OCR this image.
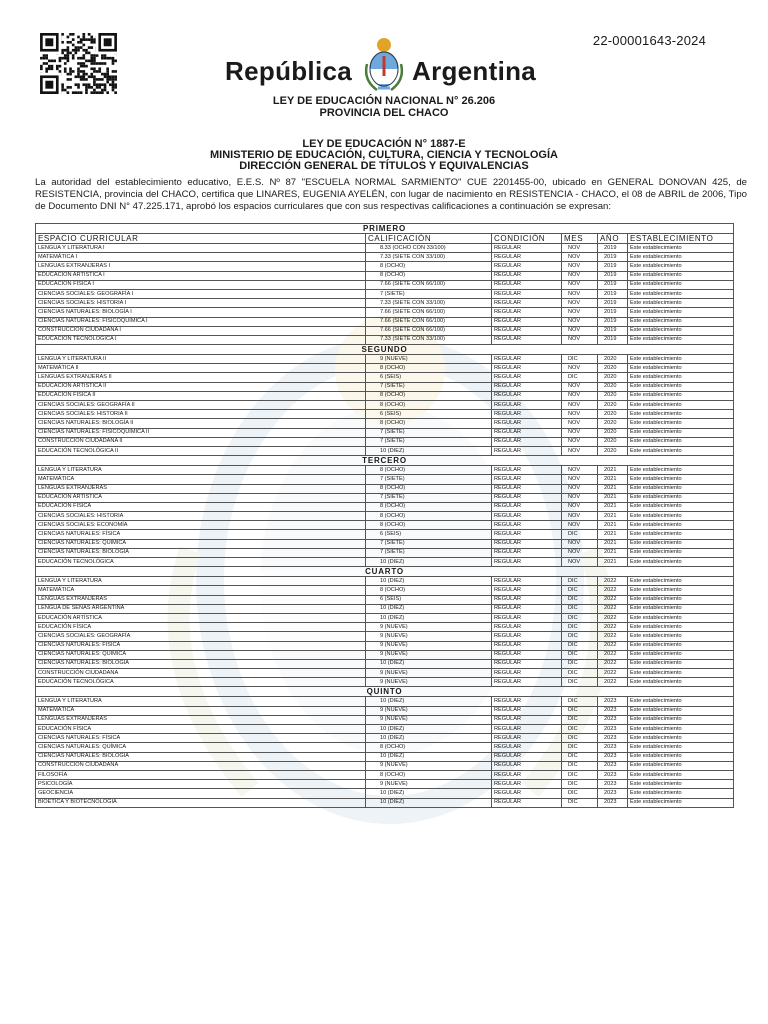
22-00001643-2024
República Argentina
LEY DE EDUCACIÓN NACIONAL N° 26.206
PROVINCIA DEL CHACO
LEY DE EDUCACIÓN N° 1887-E
MINISTERIO DE EDUCACIÓN, CULTURA, CIENCIA Y TECNOLOGÍA
DIRECCIÓN GENERAL DE TÍTULOS Y EQUIVALENCIAS
La autoridad del establecimiento educativo, E.E.S. Nº 87 "ESCUELA NORMAL SARMIENTO" CUE 2201455-00, ubicado en GENERAL DONOVAN 425, de RESISTENCIA, provincia del CHACO, certifica que LINARES, EUGENIA AYELÉN, con lugar de nacimiento en RESISTENCIA - CHACO, el 08 de ABRIL de 2006, Tipo de Documento DNI N° 47.225.171, aprobó los espacios curriculares que con sus respectivas calificaciones a continuación se expresan:
PRIMERO					
ESPACIO CURRICULAR	CALIFICACIÓN	CONDICIÓN	MES	AÑO	ESTABLECIMIENTO
LENGUA Y LITERATURA I	8.33 (OCHO CON 33/100)	REGULAR	NOV	2019	Este establecimiento
MATEMÁTICA I	7.33 (SIETE CON 33/100)	REGULAR	NOV	2019	Este establecimiento
LENGUAS EXTRANJERAS I	8 (OCHO)	REGULAR	NOV	2019	Este establecimiento
EDUCACIÓN ARTÍSTICA I	8 (OCHO)	REGULAR	NOV	2019	Este establecimiento
EDUCACIÓN FÍSICA I	7.66 (SIETE CON 66/100)	REGULAR	NOV	2019	Este establecimiento
CIENCIAS SOCIALES: GEOGRAFÍA I	7 (SIETE)	REGULAR	NOV	2019	Este establecimiento
CIENCIAS SOCIALES: HISTORIA I	7.33 (SIETE CON 33/100)	REGULAR	NOV	2019	Este establecimiento
CIENCIAS NATURALES: BIOLOGÍA I	7.66 (SIETE CON 66/100)	REGULAR	NOV	2019	Este establecimiento
CIENCIAS NATURALES: FISICOQUÍMICA I	7.66 (SIETE CON 66/100)	REGULAR	NOV	2019	Este establecimiento
CONSTRUCCIÓN CIUDADANA I	7.66 (SIETE CON 66/100)	REGULAR	NOV	2019	Este establecimiento
EDUCACIÓN TECNOLÓGICA I	7.33 (SIETE CON 33/100)	REGULAR	NOV	2019	Este establecimiento
SEGUNDO					
LENGUA Y LITERATURA II	9 (NUEVE)	REGULAR	DIC	2020	Este establecimiento
MATEMÁTICA II	8 (OCHO)	REGULAR	NOV	2020	Este establecimiento
LENGUAS EXTRANJERAS II	6 (SEIS)	REGULAR	DIC	2020	Este establecimiento
EDUCACIÓN ARTÍSTICA II	7 (SIETE)	REGULAR	NOV	2020	Este establecimiento
EDUCACIÓN FÍSICA II	8 (OCHO)	REGULAR	NOV	2020	Este establecimiento
CIENCIAS SOCIALES: GEOGRAFÍA II	8 (OCHO)	REGULAR	NOV	2020	Este establecimiento
CIENCIAS SOCIALES: HISTORIA II	6 (SEIS)	REGULAR	NOV	2020	Este establecimiento
CIENCIAS NATURALES: BIOLOGÍA II	8 (OCHO)	REGULAR	NOV	2020	Este establecimiento
CIENCIAS NATURALES: FISICOQUÍMICA II	7 (SIETE)	REGULAR	NOV	2020	Este establecimiento
CONSTRUCCIÓN CIUDADANA II	7 (SIETE)	REGULAR	NOV	2020	Este establecimiento
EDUCACIÓN TECNOLÓGICA II	10 (DIEZ)	REGULAR	NOV	2020	Este establecimiento
TERCERO					
LENGUA Y LITERATURA	8 (OCHO)	REGULAR	NOV	2021	Este establecimiento
MATEMÁTICA	7 (SIETE)	REGULAR	NOV	2021	Este establecimiento
LENGUAS EXTRANJERAS	8 (OCHO)	REGULAR	NOV	2021	Este establecimiento
EDUCACIÓN ARTÍSTICA	7 (SIETE)	REGULAR	NOV	2021	Este establecimiento
EDUCACIÓN FÍSICA	8 (OCHO)	REGULAR	NOV	2021	Este establecimiento
CIENCIAS SOCIALES: HISTORIA	8 (OCHO)	REGULAR	NOV	2021	Este establecimiento
CIENCIAS SOCIALES: ECONOMÍA	8 (OCHO)	REGULAR	NOV	2021	Este establecimiento
CIENCIAS NATURALES: FÍSICA	6 (SEIS)	REGULAR	DIC	2021	Este establecimiento
CIENCIAS NATURALES: QUÍMICA	7 (SIETE)	REGULAR	NOV	2021	Este establecimiento
CIENCIAS NATURALES: BIOLOGÍA	7 (SIETE)	REGULAR	NOV	2021	Este establecimiento
EDUCACIÓN TECNOLÓGICA	10 (DIEZ)	REGULAR	NOV	2021	Este establecimiento
CUARTO					
LENGUA Y LITERATURA	10 (DIEZ)	REGULAR	DIC	2022	Este establecimiento
MATEMÁTICA	8 (OCHO)	REGULAR	DIC	2022	Este establecimiento
LENGUAS EXTRANJERAS	6 (SEIS)	REGULAR	DIC	2022	Este establecimiento
LENGUA DE SEÑAS ARGENTINA	10 (DIEZ)	REGULAR	DIC	2022	Este establecimiento
EDUCACIÓN ARTÍSTICA	10 (DIEZ)	REGULAR	DIC	2022	Este establecimiento
EDUCACIÓN FÍSICA	9 (NUEVE)	REGULAR	DIC	2022	Este establecimiento
CIENCIAS SOCIALES: GEOGRAFÍA	9 (NUEVE)	REGULAR	DIC	2022	Este establecimiento
CIENCIAS NATURALES: FÍSICA	9 (NUEVE)	REGULAR	DIC	2022	Este establecimiento
CIENCIAS NATURALES: QUÍMICA	9 (NUEVE)	REGULAR	DIC	2022	Este establecimiento
CIENCIAS NATURALES: BIOLOGÍA	10 (DIEZ)	REGULAR	DIC	2022	Este establecimiento
CONSTRUCCIÓN CIUDADANA	9 (NUEVE)	REGULAR	DIC	2022	Este establecimiento
EDUCACIÓN TECNOLÓGICA	9 (NUEVE)	REGULAR	DIC	2022	Este establecimiento
QUINTO					
LENGUA Y LITERATURA	10 (DIEZ)	REGULAR	DIC	2023	Este establecimiento
MATEMÁTICA	9 (NUEVE)	REGULAR	DIC	2023	Este establecimiento
LENGUAS EXTRANJERAS	9 (NUEVE)	REGULAR	DIC	2023	Este establecimiento
EDUCACIÓN FÍSICA	10 (DIEZ)	REGULAR	DIC	2023	Este establecimiento
CIENCIAS NATURALES: FÍSICA	10 (DIEZ)	REGULAR	DIC	2023	Este establecimiento
CIENCIAS NATURALES: QUÍMICA	8 (OCHO)	REGULAR	DIC	2023	Este establecimiento
CIENCIAS NATURALES: BIOLOGÍA	10 (DIEZ)	REGULAR	DIC	2023	Este establecimiento
CONSTRUCCIÓN CIUDADANA	9 (NUEVE)	REGULAR	DIC	2023	Este establecimiento
FILOSOFÍA	8 (OCHO)	REGULAR	DIC	2023	Este establecimiento
PSICOLOGÍA	9 (NUEVE)	REGULAR	DIC	2023	Este establecimiento
GEOCIENCIA	10 (DIEZ)	REGULAR	DIC	2023	Este establecimiento
BIOÉTICA Y BIOTECNOLOGÍA	10 (DIEZ)	REGULAR	DIC	2023	Este establecimiento
